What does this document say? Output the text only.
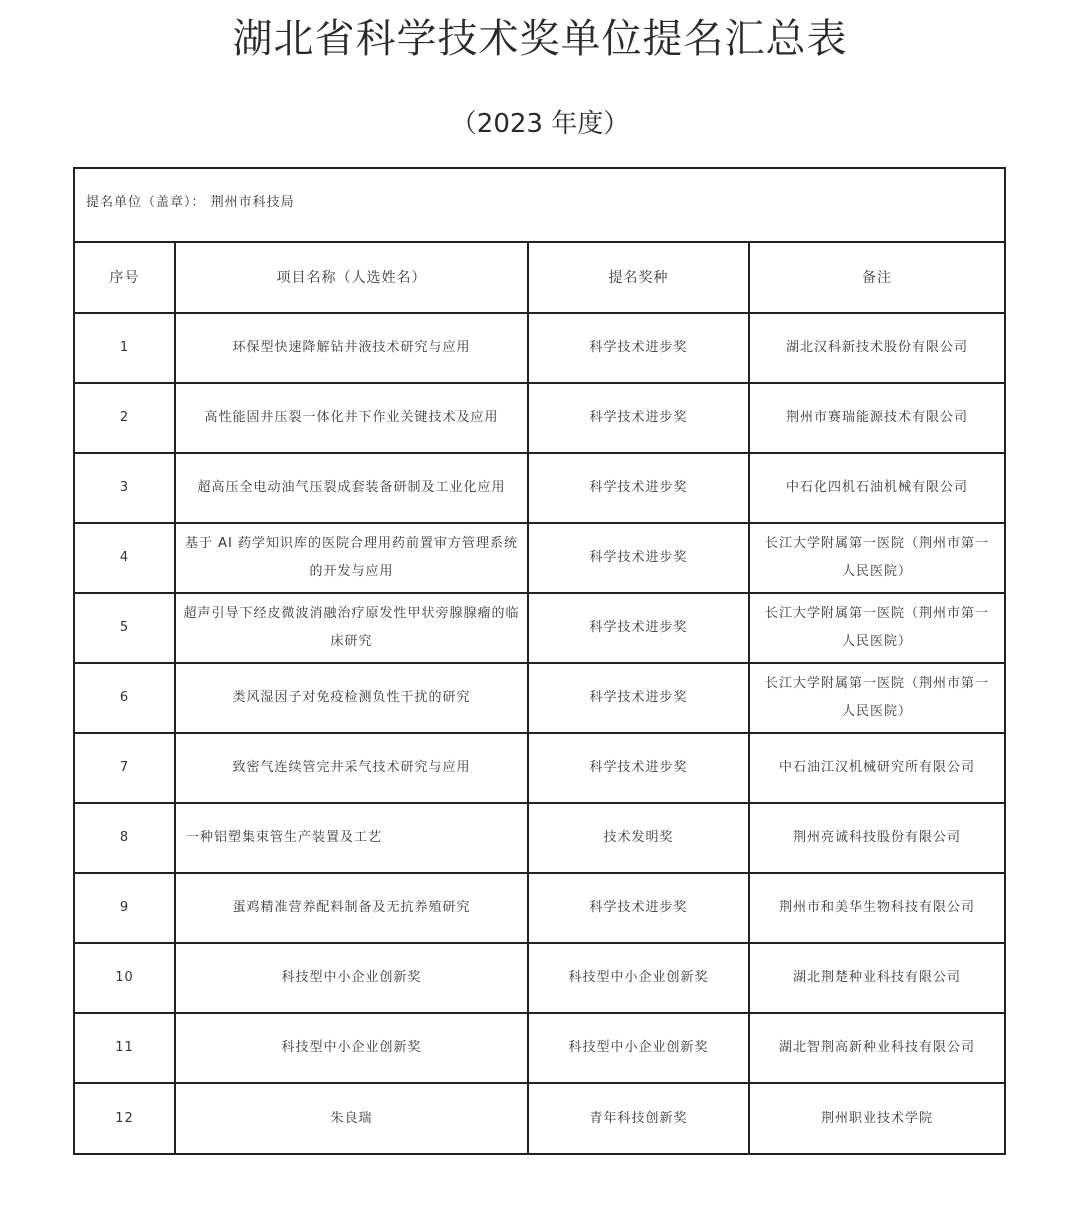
湖北省科学技术奖单位提名汇总表
（2023 年度）
提名单位（盖章）： 荆州市科技局
序号	项目名称（人选姓名）	提名奖种	备注
1	环保型快速降解钻井液技术研究与应用	科学技术进步奖	湖北汉科新技术股份有限公司
2	高性能固井压裂一体化井下作业关键技术及应用	科学技术进步奖	荆州市赛瑞能源技术有限公司
3	超高压全电动油气压裂成套装备研制及工业化应用	科学技术进步奖	中石化四机石油机械有限公司
4	基于 AI 药学知识库的医院合理用药前置审方管理系统的开发与应用	科学技术进步奖	长江大学附属第一医院（荆州市第一人民医院）
5	超声引导下经皮微波消融治疗原发性甲状旁腺腺瘤的临床研究	科学技术进步奖	长江大学附属第一医院（荆州市第一人民医院）
6	类风湿因子对免疫检测负性干扰的研究	科学技术进步奖	长江大学附属第一医院（荆州市第一人民医院）
7	致密气连续管完井采气技术研究与应用	科学技术进步奖	中石油江汉机械研究所有限公司
8	一种铝塑集束管生产装置及工艺	技术发明奖	荆州亮诚科技股份有限公司
9	蛋鸡精准营养配料制备及无抗养殖研究	科学技术进步奖	荆州市和美华生物科技有限公司
10	科技型中小企业创新奖	科技型中小企业创新奖	湖北荆楚种业科技有限公司
11	科技型中小企业创新奖	科技型中小企业创新奖	湖北智荆高新种业科技有限公司
12	朱良瑞	青年科技创新奖	荆州职业技术学院
